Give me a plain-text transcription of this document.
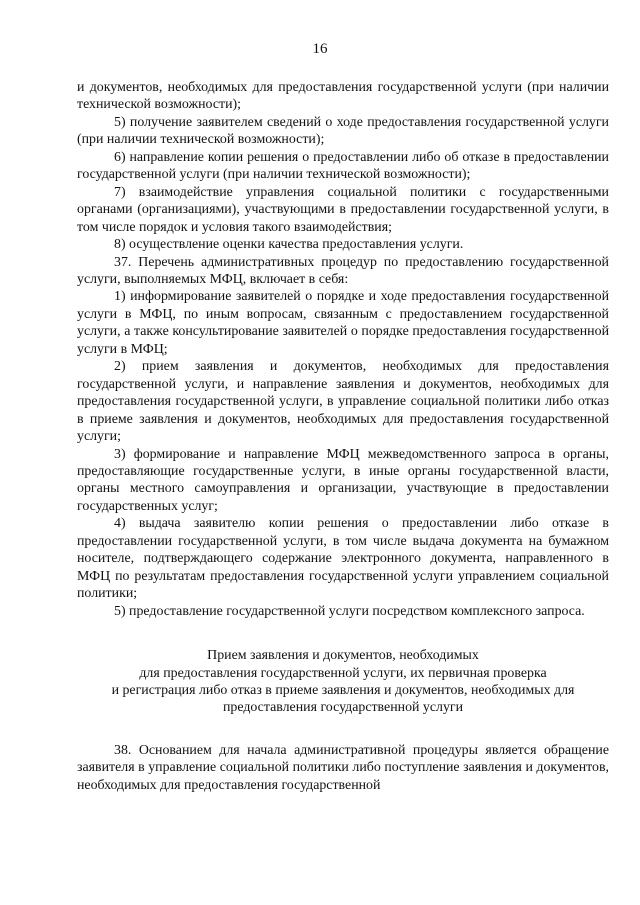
16

и документов, необходимых для предоставления государственной услуги (при наличии технической возможности);

5) получение заявителем сведений о ходе предоставления государственной услуги (при наличии технической возможности);

6) направление копии решения о предоставлении либо об отказе в предоставлении государственной услуги (при наличии технической возможности);

7) взаимодействие управления социальной политики с государственными органами (организациями), участвующими в предоставлении государственной услуги, в том числе порядок и условия такого взаимодействия;

8) осуществление оценки качества предоставления услуги.

37. Перечень административных процедур по предоставлению государственной услуги, выполняемых МФЦ, включает в себя:

1) информирование заявителей о порядке и ходе предоставления государственной услуги в МФЦ, по иным вопросам, связанным с предоставлением государственной услуги, а также консультирование заявителей о порядке предоставления государственной услуги в МФЦ;

2) прием заявления и документов, необходимых для предоставления государственной услуги, и направление заявления и документов, необходимых для предоставления государственной услуги, в управление социальной политики либо отказ в приеме заявления и документов, необходимых для предоставления государственной услуги;

3) формирование и направление МФЦ межведомственного запроса в органы, предоставляющие государственные услуги, в иные органы государственной власти, органы местного самоуправления и организации, участвующие в предоставлении государственных услуг;

4) выдача заявителю копии решения о предоставлении либо отказе в предоставлении государственной услуги, в том числе выдача документа на бумажном носителе, подтверждающего содержание электронного документа, направленного в МФЦ по результатам предоставления государственной услуги управлением социальной политики;

5) предоставление государственной услуги посредством комплексного запроса.

Прием заявления и документов, необходимых
для предоставления государственной услуги, их первичная проверка
и регистрация либо отказ в приеме заявления и документов, необходимых для
предоставления государственной услуги

38. Основанием для начала административной процедуры является обращение заявителя в управление социальной политики либо поступление заявления и документов, необходимых для предоставления государственной
